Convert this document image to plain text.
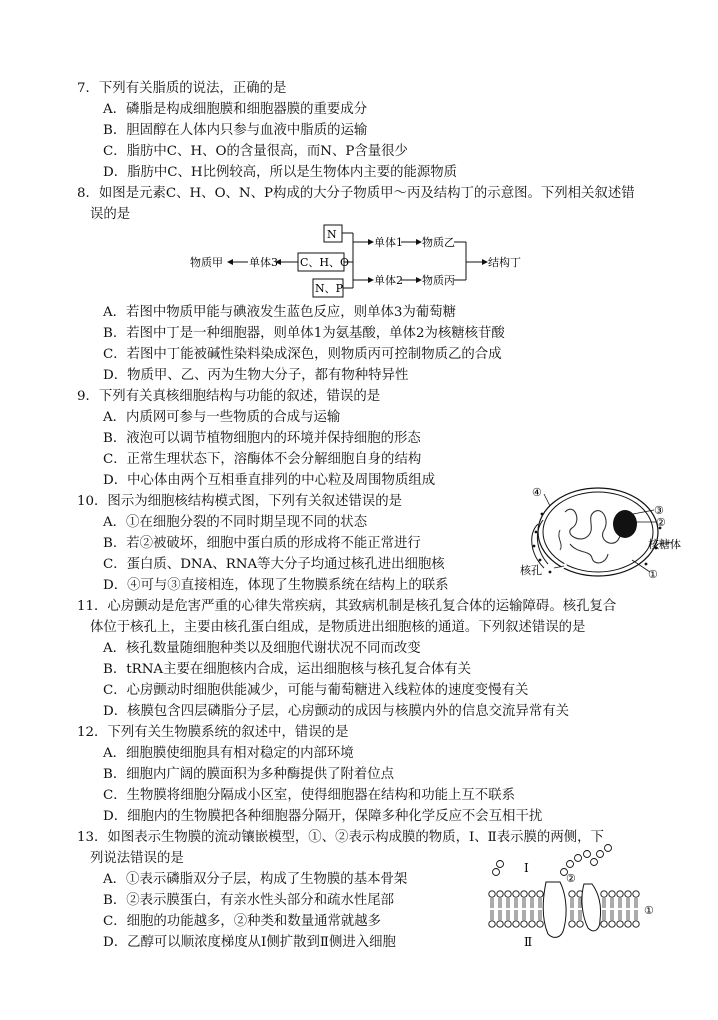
7．下列有关脂质的说法，正确的是
A．磷脂是构成细胞膜和细胞器膜的重要成分
B．胆固醇在人体内只参与血液中脂质的运输
C．脂肪中C、H、O的含量很高，而N、P含量很少
D．脂肪中C、H比例较高，所以是生物体内主要的能源物质
8．如图是元素C、H、O、N、P构成的大分子物质甲～丙及结构丁的示意图。下列相关叙述错
误的是
N
C、H、O
N、P
单体3
物质甲
单体1 物质乙
单体2 物质丙
结构丁
A．若图中物质甲能与碘液发生蓝色反应，则单体3为葡萄糖
B．若图中丁是一种细胞器，则单体1为氨基酸，单体2为核糖核苷酸
C．若图中丁能被碱性染料染成深色，则物质丙可控制物质乙的合成
D．物质甲、乙、丙为生物大分子，都有物种特异性
9．下列有关真核细胞结构与功能的叙述，错误的是
A．内质网可参与一些物质的合成与运输
B．液泡可以调节植物细胞内的环境并保持细胞的形态
C．正常生理状态下，溶酶体不会分解细胞自身的结构
D．中心体由两个互相垂直排列的中心粒及周围物质组成
10．图示为细胞核结构模式图，下列有关叙述错误的是
A．①在细胞分裂的不同时期呈现不同的状态
B．若②被破坏，细胞中蛋白质的形成将不能正常进行
C．蛋白质、DNA、RNA等大分子均通过核孔进出细胞核
D．④可与③直接相连，体现了生物膜系统在结构上的联系
④
③
②
核糖体
核孔	①
11．心房颤动是危害严重的心律失常疾病，其致病机制是核孔复合体的运输障碍。核孔复合
体位于核孔上，主要由核孔蛋白组成，是物质进出细胞核的通道。下列叙述错误的是
A．核孔数量随细胞种类以及细胞代谢状况不同而改变
B．tRNA主要在细胞核内合成，运出细胞核与核孔复合体有关
C．心房颤动时细胞供能减少，可能与葡萄糖进入线粒体的速度变慢有关
D．核膜包含四层磷脂分子层，心房颤动的成因与核膜内外的信息交流异常有关
12．下列有关生物膜系统的叙述中，错误的是
A．细胞膜使细胞具有相对稳定的内部环境
B．细胞内广阔的膜面积为多种酶提供了附着位点
C．生物膜将细胞分隔成小区室，使得细胞器在结构和功能上互不联系
D．细胞内的生物膜把各种细胞器分隔开，保障多种化学反应不会互相干扰
13．如图表示生物膜的流动镶嵌模型，①、②表示构成膜的物质，Ⅰ、Ⅱ表示膜的两侧，下
列说法错误的是
A．①表示磷脂双分子层，构成了生物膜的基本骨架
B．②表示膜蛋白，有亲水性头部分和疏水性尾部
C．细胞的功能越多，②种类和数量通常就越多
D．乙醇可以顺浓度梯度从Ⅰ侧扩散到Ⅱ侧进入细胞
Ⅰ
②
①
Ⅱ
